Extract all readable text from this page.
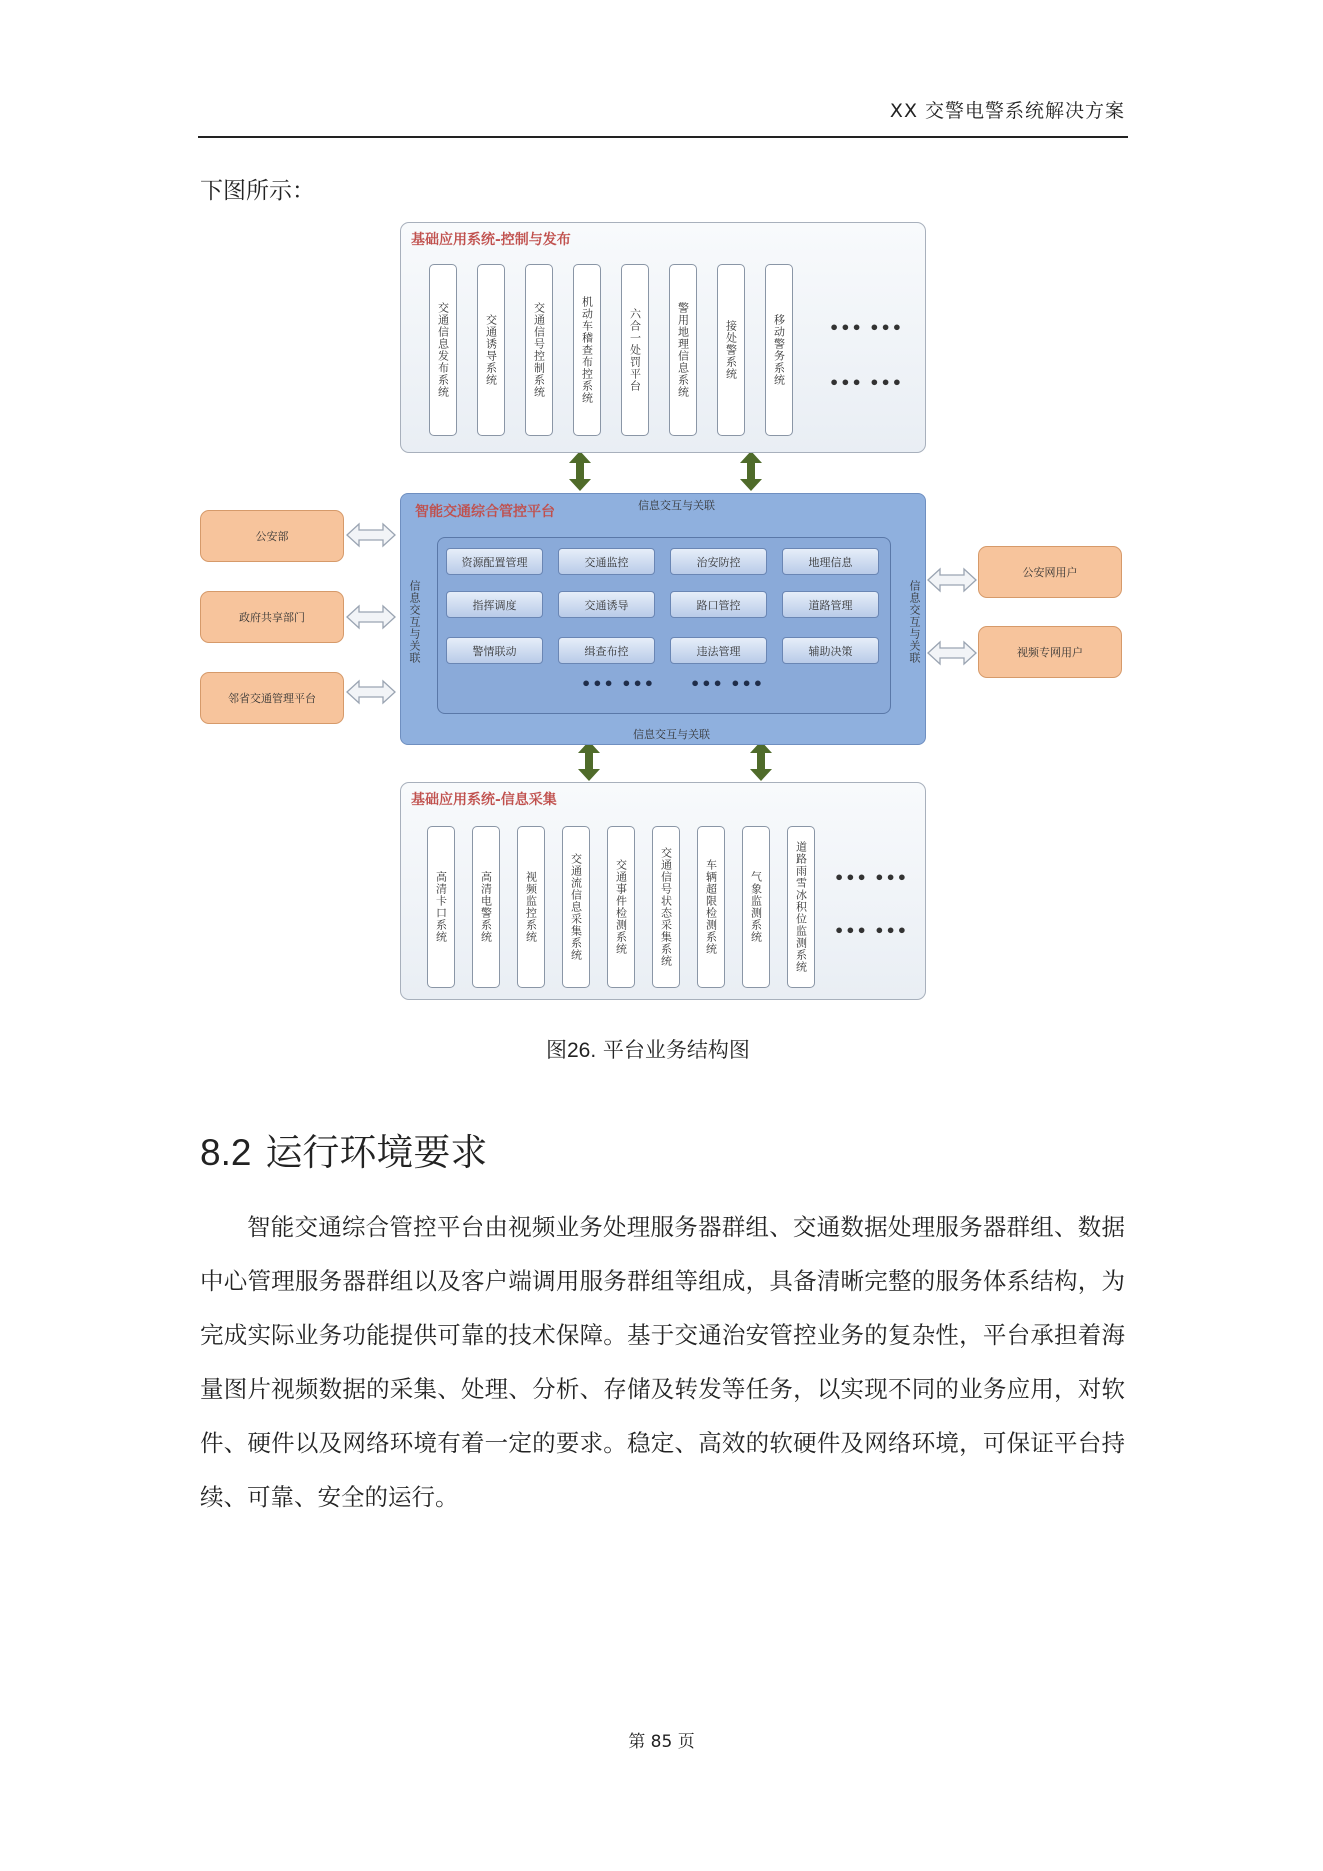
XX 交警电警系统解决方案
下图所示：
基础应用系统-控制与发布
交通信息发布系统	交通诱导系统	交通信号控制系统	机动车稽查布控系统	六合一处罚平台	警用地理信息系统	接处警系统	移动警务系统	••• •••
••• •••
智能交通综合管控平台	信息交互与关联
信息交互与关联
信息交互与关联	信息交互与关联
资源配置管理	交通监控	治安防控	地理信息
指挥调度	交通诱导	路口管控	道路管理
警情联动	缉查布控	违法管理	辅助决策
••• ••• ••• •••
公安部
政府共享部门
邻省交通管理平台
公安网用户
视频专网用户
基础应用系统-信息采集
高清卡口系统	高清电警系统	视频监控系统	交通流信息采集系统	交通事件检测系统	交通信号状态采集系统	车辆超限检测系统	气象监测系统	道路雨雪冰积位监测系统 ••• •••
••• •••
图26. 平台业务结构图
8.2 运行环境要求

智能交通综合管控平台由视频业务处理服务器群组、交通数据处理服务器群组、数据中心管理服务器群组以及客户端调用服务群组等组成，具备清晰完整的服务体系结构，为完成实际业务功能提供可靠的技术保障。基于交通治安管控业务的复杂性，平台承担着海量图片视频数据的采集、处理、分析、存储及转发等任务，以实现不同的业务应用，对软件、硬件以及网络环境有着一定的要求。稳定、高效的软硬件及网络环境，可保证平台持续、可靠、安全的运行。

第 85 页
